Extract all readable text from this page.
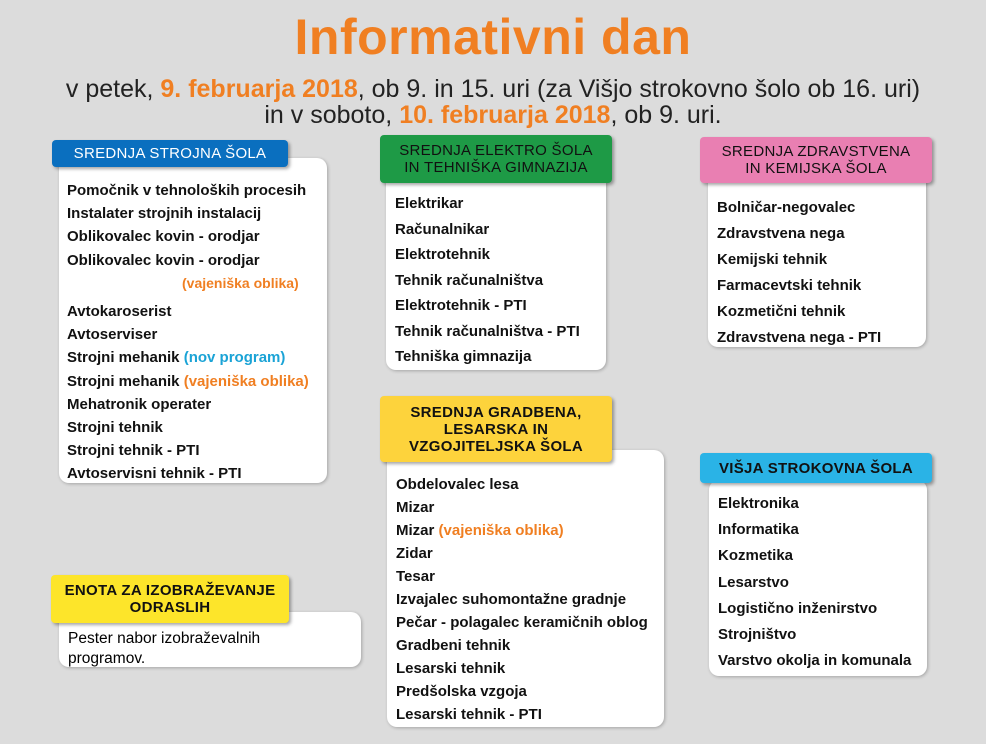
Informativni dan
v petek, 9. februarja 2018, ob 9. in 15. uri (za Višjo strokovno šolo ob 16. uri)
in v soboto, 10. februarja 2018, ob 9. uri.
SREDNJA STROJNA ŠOLA
Pomočnik v tehnoloških procesih
Instalater strojnih instalacij
Oblikovalec kovin - orodjar
Oblikovalec kovin - orodjar
(vajeniška oblika)
Avtokaroserist
Avtoserviser
Strojni mehanik (nov program)
Strojni mehanik (vajeniška oblika)
Mehatronik operater
Strojni tehnik
Strojni tehnik - PTI
Avtoservisni tehnik - PTI
SREDNJA ELEKTRO ŠOLA
IN TEHNIŠKA GIMNAZIJA
Elektrikar
Računalnikar
Elektrotehnik
Tehnik računalništva
Elektrotehnik - PTI
Tehnik računalništva - PTI
Tehniška gimnazija
SREDNJA ZDRAVSTVENA
IN KEMIJSKA ŠOLA
Bolničar-negovalec
Zdravstvena nega
Kemijski tehnik
Farmacevtski tehnik
Kozmetični tehnik
Zdravstvena nega - PTI
SREDNJA GRADBENA,
LESARSKA IN
VZGOJITELJSKA ŠOLA
Obdelovalec lesa
Mizar
Mizar (vajeniška oblika)
Zidar
Tesar
Izvajalec suhomontažne gradnje
Pečar - polagalec keramičnih oblog
Gradbeni tehnik
Lesarski tehnik
Predšolska vzgoja
Lesarski tehnik - PTI
VIŠJA STROKOVNA ŠOLA
Elektronika
Informatika
Kozmetika
Lesarstvo
Logistično inženirstvo
Strojništvo
Varstvo okolja in komunala
ENOTA ZA IZOBRAŽEVANJE
ODRASLIH
Pester nabor izobraževalnih
programov.
